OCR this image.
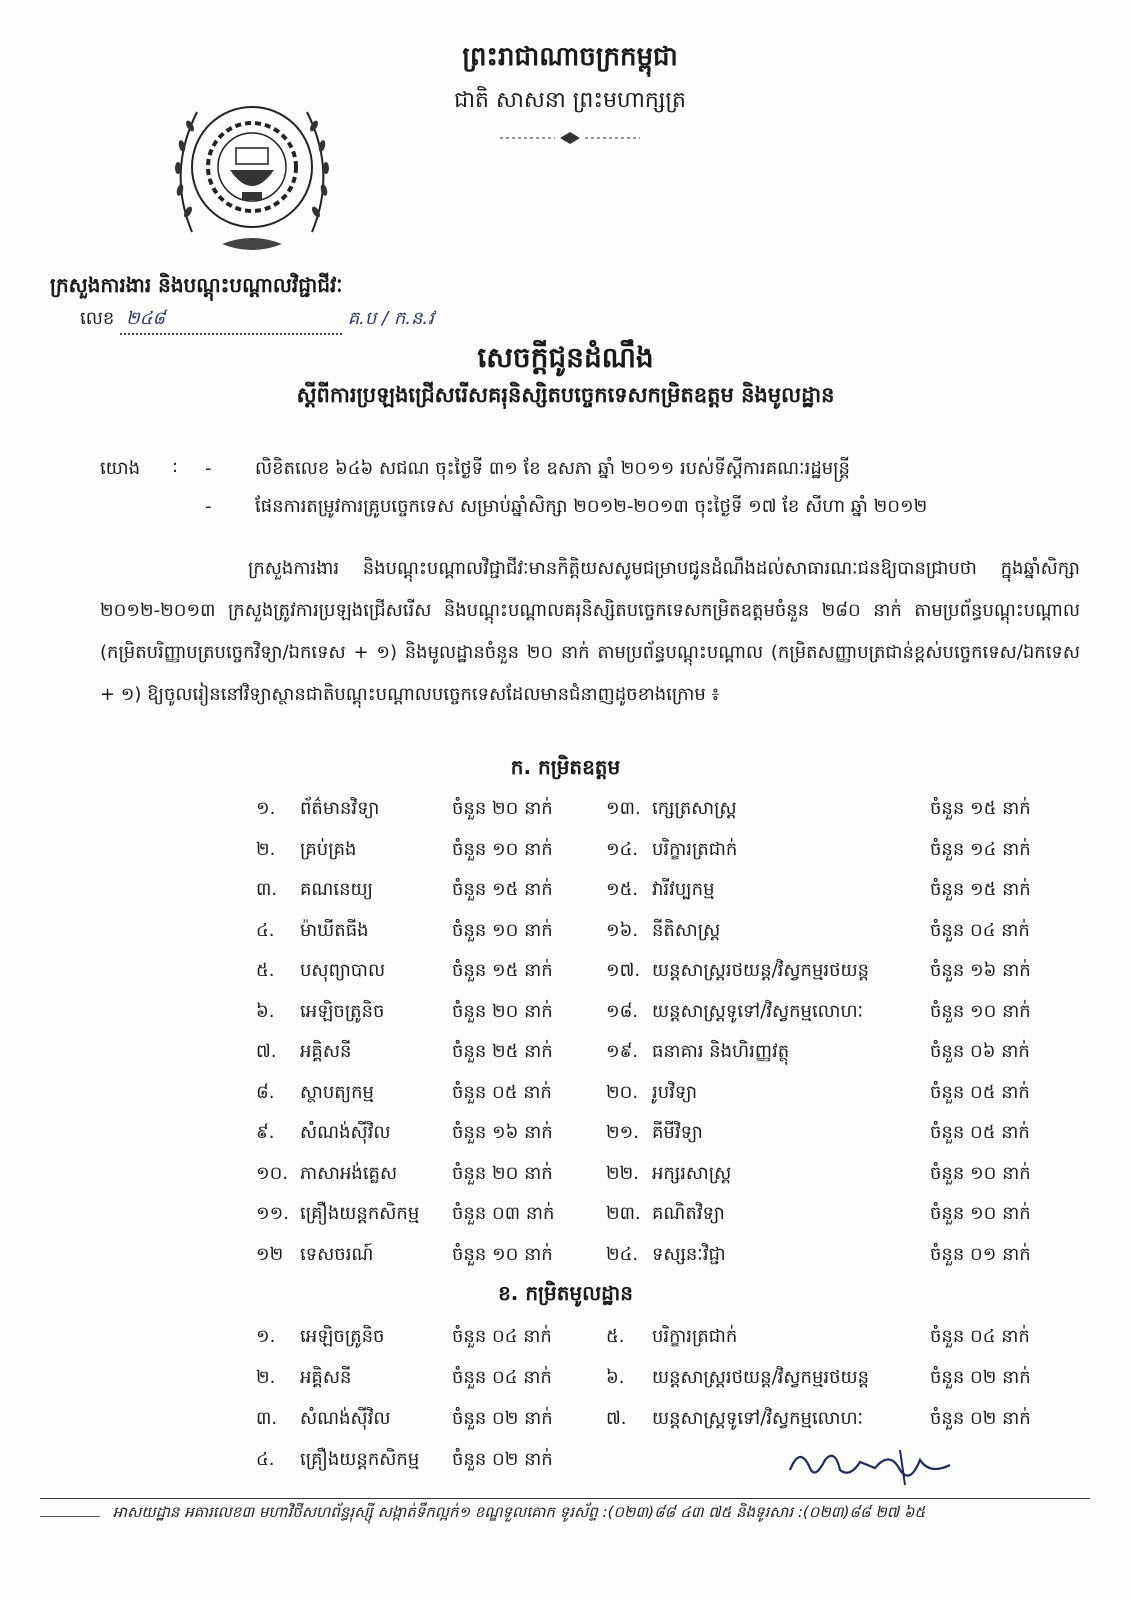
ព្រះរាជាណាចក្រកម្ពុជា
ជាតិ សាសនា ព្រះមហាក្សត្រ
ក្រសួងការងារ និងបណ្តុះបណ្តាលវិជ្ជាជីវៈ
លេខ ២៤៨	គ.ប / ក.ន.វ
សេចក្តីជូនដំណឹង
ស្តីពីការប្រឡងជ្រើសរើសគរុនិស្សិតបច្ចេកទេសកម្រិតឧត្តម និងមូលដ្ឋាន
យោង : - លិខិតលេខ ៦៤៦ សជណ ចុះថ្ងៃទី ៣១ ខែ ឧសភា ឆ្នាំ ២០១១ របស់ទីស្តីការគណៈរដ្ឋមន្ត្រី
- ផែនការតម្រូវការគ្រូបច្ចេកទេស សម្រាប់ឆ្នាំសិក្សា ២០១២-២០១៣ ចុះថ្ងៃទី ១៧ ខែ សីហា ឆ្នាំ ២០១២
ក្រសួងការងារ និងបណ្តុះបណ្តាលវិជ្ជាជីវៈមានកិត្តិយសសូមជម្រាបជូនដំណឹងដល់សាធារណៈជនឱ្យបានជ្រាបថា ក្នុងឆ្នាំសិក្សា ២០១២-២០១៣ ក្រសួងត្រូវការប្រឡងជ្រើសរើស និងបណ្តុះបណ្តាលគរុនិស្សិតបច្ចេកទេសកម្រិតឧត្តមចំនួន ២៨០ នាក់ តាមប្រព័ន្ធបណ្តុះបណ្តាល (កម្រិតបរិញ្ញាបត្របច្ចេកវិទ្យា/ឯកទេស + ១) និងមូលដ្ឋានចំនួន ២០ នាក់ តាមប្រព័ន្ធបណ្តុះបណ្តាល (កម្រិតសញ្ញាបត្រជាន់ខ្ពស់បច្ចេកទេស/ឯកទេស + ១) ឱ្យចូលរៀននៅវិទ្យាស្ថានជាតិបណ្តុះបណ្តាលបច្ចេកទេសដែលមានជំនាញដូចខាងក្រោម ៖
ក. កម្រិតឧត្តម
១. ព័ត៌មានវិទ្យា	ចំនួន ២០ នាក់	១៣. ក្សេត្រសាស្ត្រ	ចំនួន ១៥ នាក់
២. គ្រប់គ្រង	ចំនួន ១០ នាក់	១៤. បរិក្ខារត្រជាក់	ចំនួន ១៤ នាក់
៣. គណនេយ្យ	ចំនួន ១៥ នាក់	១៥. វារីវប្បកម្ម	ចំនួន ១៥ នាក់
៤. ម៉ាឃីតធីង	ចំនួន ១០ នាក់	១៦. នីតិសាស្ត្រ	ចំនួន ០៤ នាក់
៥. បសុព្យាបាល	ចំនួន ១៥ នាក់	១៧. យន្តសាស្ត្ររថយន្ត/វិស្វកម្មរថយន្ត	ចំនួន ១៦ នាក់
៦. អេឡិចត្រូនិច	ចំនួន ២០ នាក់	១៨. យន្តសាស្ត្រទូទៅ/វិស្វកម្មលោហៈ	ចំនួន ១០ នាក់
៧. អគ្គិសនី	ចំនួន ២៥ នាក់	១៩. ធនាគារ និងហិរញ្ញវត្ថុ	ចំនួន ០៦ នាក់
៨. ស្ថាបត្យកម្ម	ចំនួន ០៥ នាក់	២០. រូបវិទ្យា	ចំនួន ០៥ នាក់
៩. សំណង់ស៊ីវិល	ចំនួន ១៦ នាក់	២១. គីមីវិទ្យា	ចំនួន ០៥ នាក់
១០. ភាសាអង់គ្លេស	ចំនួន ២០ នាក់	២២. អក្សរសាស្ត្រ	ចំនួន ១០ នាក់
១១. គ្រឿងយន្តកសិកម្ម ចំនួន ០៣ នាក់	២៣. គណិតវិទ្យា	ចំនួន ១០ នាក់
១២ ទេសចរណ៍	ចំនួន ១០ នាក់	២៤. ទស្សនៈវិជ្ជា	ចំនួន ០១ នាក់
ខ. កម្រិតមូលដ្ឋាន
១. អេឡិចត្រូនិច	ចំនួន ០៤ នាក់	៥. បរិក្ខារត្រជាក់	ចំនួន ០៤ នាក់
២. អគ្គិសនី	ចំនួន ០៤ នាក់	៦. យន្តសាស្ត្ររថយន្ត/វិស្វកម្មរថយន្ត	ចំនួន ០២ នាក់
៣. សំណង់ស៊ីវិល	ចំនួន ០២ នាក់	៧. យន្តសាស្ត្រទូទៅ/វិស្វកម្មលោហៈ	ចំនួន ០២ នាក់
៤. គ្រឿងយន្តកសិកម្ម ចំនួន ០២ នាក់
អាសយដ្ឋាន អគារលេខ៣ មហាវិថីសហព័ន្ធរុស្ស៊ី សង្កាត់ទឹកល្អក់១ ខណ្ឌទួលគោក ទូរស័ព្ទ :(០២៣)៨៨ ៤៣ ៧៥ និងទូរសារ :(០២៣)៨៨ ២៧ ៦៥
